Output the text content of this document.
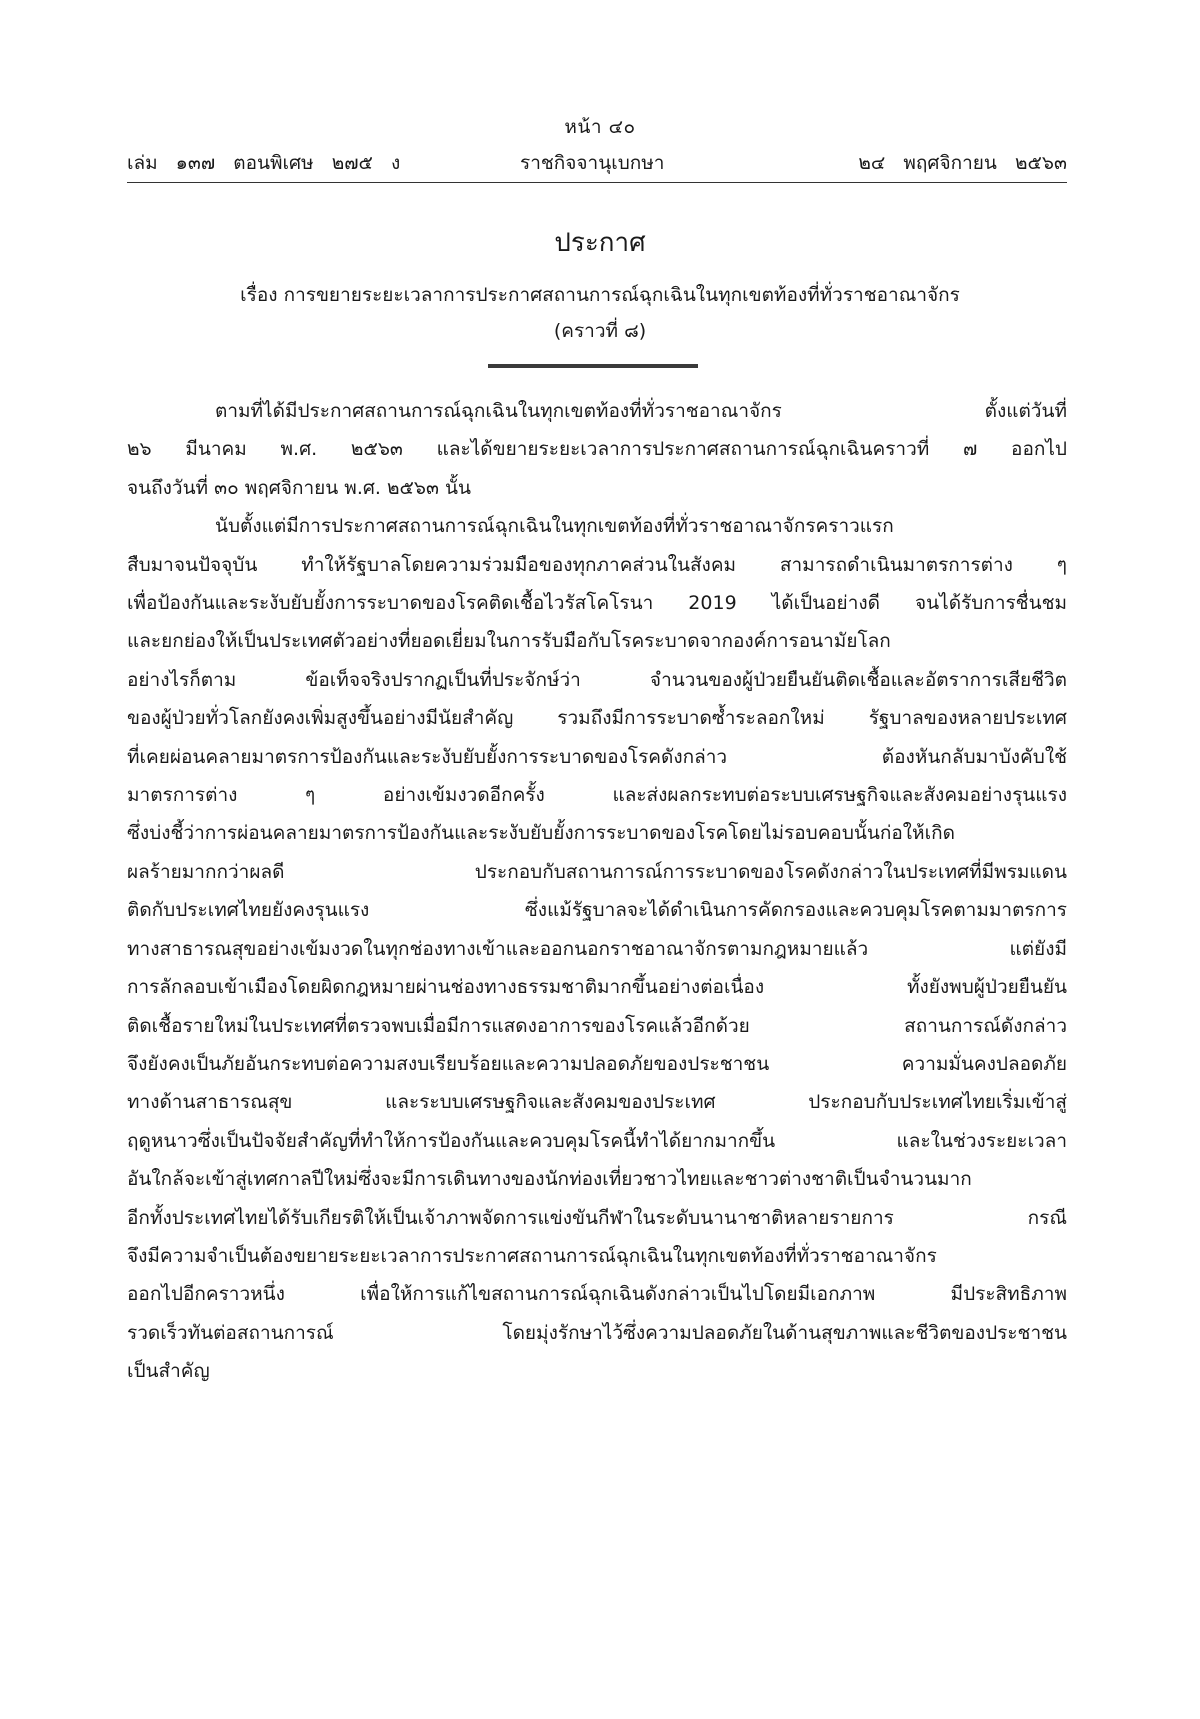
หน้า ๔๐
เล่ม   ๑๓๗   ตอนพิเศษ   ๒๗๕   ง	ราชกิจจานุเบกษา	๒๔   พฤศจิกายน   ๒๕๖๓
ประกาศ
เรื่อง การขยายระยะเวลาการประกาศสถานการณ์ฉุกเฉินในทุกเขตท้องที่ทั่วราชอาณาจักร
(คราวที่ ๘)
ตามที่ได้มีประกาศสถานการณ์ฉุกเฉินในทุกเขตท้องที่ทั่วราชอาณาจักร ตั้งแต่วันที่
๒๖ มีนาคม พ.ศ. ๒๕๖๓ และได้ขยายระยะเวลาการประกาศสถานการณ์ฉุกเฉินคราวที่ ๗ ออกไป
จนถึงวันที่ ๓๐ พฤศจิกายน พ.ศ. ๒๕๖๓ นั้น
นับตั้งแต่มีการประกาศสถานการณ์ฉุกเฉินในทุกเขตท้องที่ทั่วราชอาณาจักรคราวแรก
สืบมาจนปัจจุบัน ทำให้รัฐบาลโดยความร่วมมือของทุกภาคส่วนในสังคม สามารถดำเนินมาตรการต่าง ๆ
เพื่อป้องกันและระงับยับยั้งการระบาดของโรคติดเชื้อไวรัสโคโรนา 2019 ได้เป็นอย่างดี จนได้รับการชื่นชม
และยกย่องให้เป็นประเทศตัวอย่างที่ยอดเยี่ยมในการรับมือกับโรคระบาดจากองค์การอนามัยโลก
อย่างไรก็ตาม ข้อเท็จจริงปรากฏเป็นที่ประจักษ์ว่า จำนวนของผู้ป่วยยืนยันติดเชื้อและอัตราการเสียชีวิต
ของผู้ป่วยทั่วโลกยังคงเพิ่มสูงขึ้นอย่างมีนัยสำคัญ รวมถึงมีการระบาดซ้ำระลอกใหม่ รัฐบาลของหลายประเทศ
ที่เคยผ่อนคลายมาตรการป้องกันและระงับยับยั้งการระบาดของโรคดังกล่าว ต้องหันกลับมาบังคับใช้
มาตรการต่าง ๆ อย่างเข้มงวดอีกครั้ง และส่งผลกระทบต่อระบบเศรษฐกิจและสังคมอย่างรุนแรง
ซึ่งบ่งชี้ว่าการผ่อนคลายมาตรการป้องกันและระงับยับยั้งการระบาดของโรคโดยไม่รอบคอบนั้นก่อให้เกิด
ผลร้ายมากกว่าผลดี ประกอบกับสถานการณ์การระบาดของโรคดังกล่าวในประเทศที่มีพรมแดน
ติดกับประเทศไทยยังคงรุนแรง ซึ่งแม้รัฐบาลจะได้ดำเนินการคัดกรองและควบคุมโรคตามมาตรการ
ทางสาธารณสุขอย่างเข้มงวดในทุกช่องทางเข้าและออกนอกราชอาณาจักรตามกฎหมายแล้ว แต่ยังมี
การลักลอบเข้าเมืองโดยผิดกฎหมายผ่านช่องทางธรรมชาติมากขึ้นอย่างต่อเนื่อง ทั้งยังพบผู้ป่วยยืนยัน
ติดเชื้อรายใหม่ในประเทศที่ตรวจพบเมื่อมีการแสดงอาการของโรคแล้วอีกด้วย สถานการณ์ดังกล่าว
จึงยังคงเป็นภัยอันกระทบต่อความสงบเรียบร้อยและความปลอดภัยของประชาชน ความมั่นคงปลอดภัย
ทางด้านสาธารณสุข และระบบเศรษฐกิจและสังคมของประเทศ ประกอบกับประเทศไทยเริ่มเข้าสู่
ฤดูหนาวซึ่งเป็นปัจจัยสำคัญที่ทำให้การป้องกันและควบคุมโรคนี้ทำได้ยากมากขึ้น และในช่วงระยะเวลา
อันใกล้จะเข้าสู่เทศกาลปีใหม่ซึ่งจะมีการเดินทางของนักท่องเที่ยวชาวไทยและชาวต่างชาติเป็นจำนวนมาก
อีกทั้งประเทศไทยได้รับเกียรติให้เป็นเจ้าภาพจัดการแข่งขันกีฬาในระดับนานาชาติหลายรายการ กรณี
จึงมีความจำเป็นต้องขยายระยะเวลาการประกาศสถานการณ์ฉุกเฉินในทุกเขตท้องที่ทั่วราชอาณาจักร
ออกไปอีกคราวหนึ่ง เพื่อให้การแก้ไขสถานการณ์ฉุกเฉินดังกล่าวเป็นไปโดยมีเอกภาพ มีประสิทธิภาพ
รวดเร็วทันต่อสถานการณ์ โดยมุ่งรักษาไว้ซึ่งความปลอดภัยในด้านสุขภาพและชีวิตของประชาชน
เป็นสำคัญ
